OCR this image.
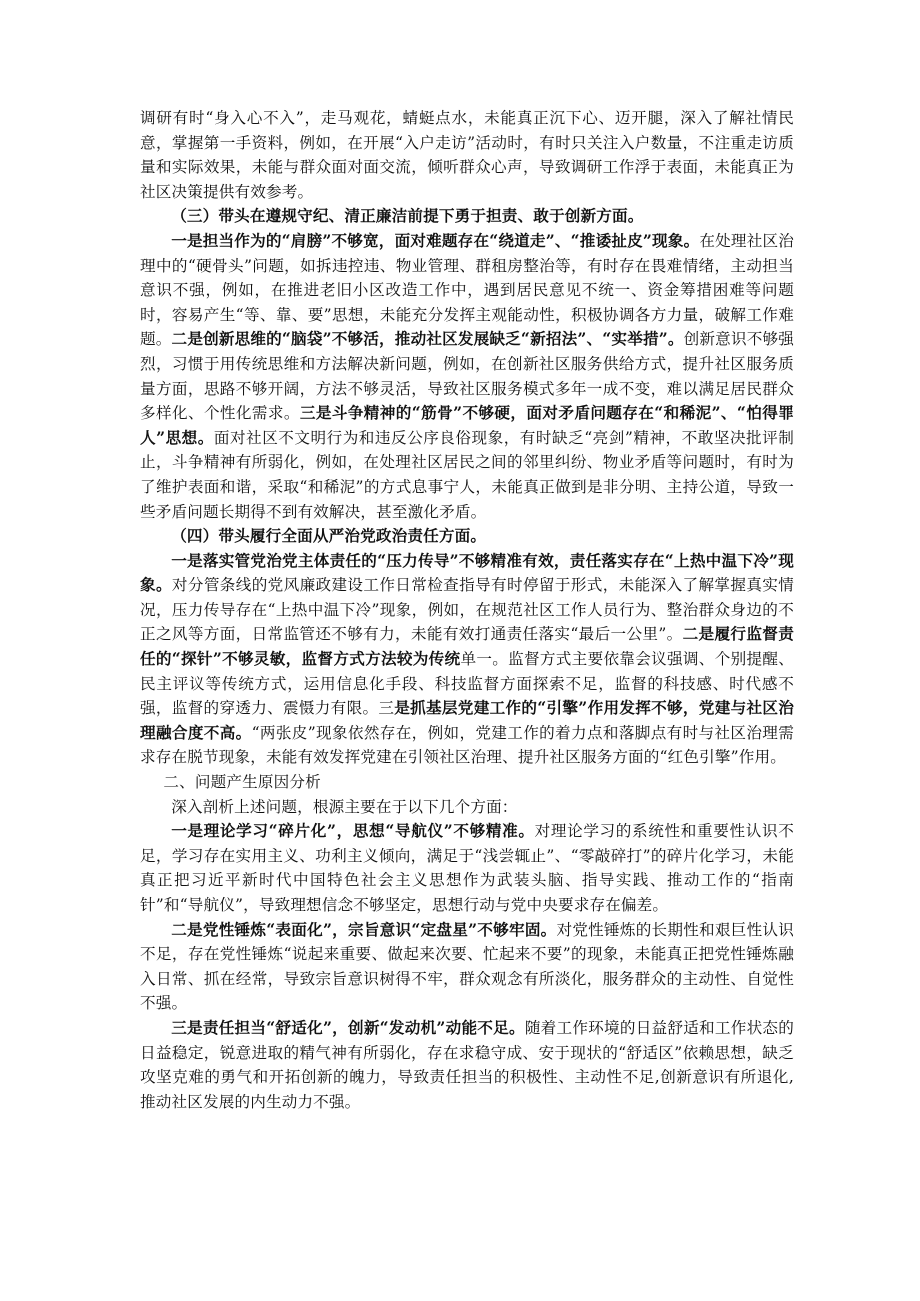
调研有时“身入心不入”，走马观花，蜻蜓点水，未能真正沉下心、迈开腿，深入了解社情民意，掌握第一手资料，例如，在开展“入户走访”活动时，有时只关注入户数量，不注重走访质量和实际效果，未能与群众面对面交流，倾听群众心声，导致调研工作浮于表面，未能真正为社区决策提供有效参考。

（三）带头在遵规守纪、清正廉洁前提下勇于担责、敢于创新方面。

一是担当作为的“肩膀”不够宽，面对难题存在“绕道走”、“推诿扯皮”现象。在处理社区治理中的“硬骨头”问题，如拆违控违、物业管理、群租房整治等，有时存在畏难情绪，主动担当意识不强，例如，在推进老旧小区改造工作中，遇到居民意见不统一、资金筹措困难等问题时，容易产生“等、靠、要”思想，未能充分发挥主观能动性，积极协调各方力量，破解工作难题。二是创新思维的“脑袋”不够活，推动社区发展缺乏“新招法”、“实举措”。创新意识不够强烈，习惯于用传统思维和方法解决新问题，例如，在创新社区服务供给方式，提升社区服务质量方面，思路不够开阔，方法不够灵活，导致社区服务模式多年一成不变，难以满足居民群众多样化、个性化需求。三是斗争精神的“筋骨”不够硬，面对矛盾问题存在“和稀泥”、“怕得罪人”思想。面对社区不文明行为和违反公序良俗现象，有时缺乏“亮剑”精神，不敢坚决批评制止，斗争精神有所弱化，例如，在处理社区居民之间的邻里纠纷、物业矛盾等问题时，有时为了维护表面和谐，采取“和稀泥”的方式息事宁人，未能真正做到是非分明、主持公道，导致一些矛盾问题长期得不到有效解决，甚至激化矛盾。

（四）带头履行全面从严治党政治责任方面。

一是落实管党治党主体责任的“压力传导”不够精准有效，责任落实存在“上热中温下冷”现象。对分管条线的党风廉政建设工作日常检查指导有时停留于形式，未能深入了解掌握真实情况，压力传导存在“上热中温下冷”现象，例如，在规范社区工作人员行为、整治群众身边的不正之风等方面，日常监管还不够有力，未能有效打通责任落实“最后一公里”。二是履行监督责任的“探针”不够灵敏，监督方式方法较为传统单一。监督方式主要依靠会议强调、个别提醒、民主评议等传统方式，运用信息化手段、科技监督方面探索不足，监督的科技感、时代感不强，监督的穿透力、震慑力有限。三是抓基层党建工作的“引擎”作用发挥不够，党建与社区治理融合度不高。“两张皮”现象依然存在，例如，党建工作的着力点和落脚点有时与社区治理需求存在脱节现象，未能有效发挥党建在引领社区治理、提升社区服务方面的“红色引擎”作用。

二、问题产生原因分析

深入剖析上述问题，根源主要在于以下几个方面：

一是理论学习“碎片化”，思想“导航仪”不够精准。对理论学习的系统性和重要性认识不足，学习存在实用主义、功利主义倾向，满足于“浅尝辄止”、“零敲碎打”的碎片化学习，未能真正把习近平新时代中国特色社会主义思想作为武装头脑、指导实践、推动工作的“指南针”和“导航仪”，导致理想信念不够坚定，思想行动与党中央要求存在偏差。

二是党性锤炼“表面化”，宗旨意识“定盘星”不够牢固。对党性锤炼的长期性和艰巨性认识不足，存在党性锤炼“说起来重要、做起来次要、忙起来不要”的现象，未能真正把党性锤炼融入日常、抓在经常，导致宗旨意识树得不牢，群众观念有所淡化，服务群众的主动性、自觉性不强。

三是责任担当“舒适化”，创新“发动机”动能不足。随着工作环境的日益舒适和工作状态的日益稳定，锐意进取的精气神有所弱化，存在求稳守成、安于现状的“舒适区”依赖思想，缺乏攻坚克难的勇气和开拓创新的魄力，导致责任担当的积极性、主动性不足,创新意识有所退化,推动社区发展的内生动力不强。
